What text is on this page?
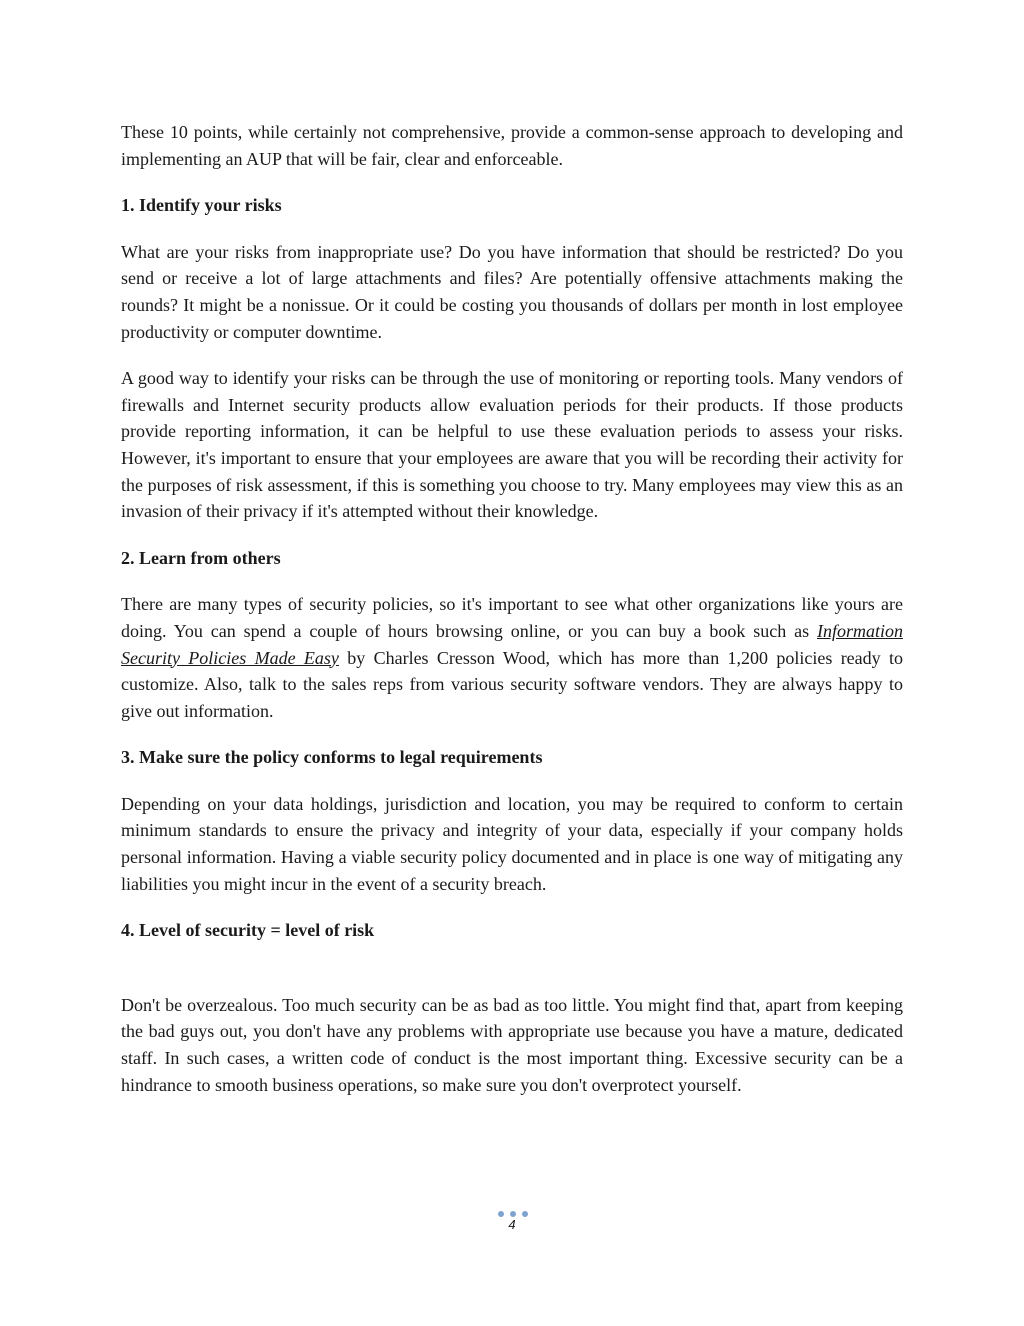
These 10 points, while certainly not comprehensive, provide a common-sense approach to developing and implementing an AUP that will be fair, clear and enforceable.

1. Identify your risks

What are your risks from inappropriate use? Do you have information that should be restricted? Do you send or receive a lot of large attachments and files? Are potentially offensive attachments making the rounds? It might be a nonissue. Or it could be costing you thousands of dollars per month in lost employee productivity or computer downtime.

A good way to identify your risks can be through the use of monitoring or reporting tools. Many vendors of firewalls and Internet security products allow evaluation periods for their products. If those products provide reporting information, it can be helpful to use these evaluation periods to assess your risks. However, it's important to ensure that your employees are aware that you will be recording their activity for the purposes of risk assessment, if this is something you choose to try. Many employees may view this as an invasion of their privacy if it's attempted without their knowledge.

2. Learn from others

There are many types of security policies, so it's important to see what other organizations like yours are doing. You can spend a couple of hours browsing online, or you can buy a book such as Information Security Policies Made Easy by Charles Cresson Wood, which has more than 1,200 policies ready to customize. Also, talk to the sales reps from various security software vendors. They are always happy to give out information.

3. Make sure the policy conforms to legal requirements

Depending on your data holdings, jurisdiction and location, you may be required to conform to certain minimum standards to ensure the privacy and integrity of your data, especially if your company holds personal information. Having a viable security policy documented and in place is one way of mitigating any liabilities you might incur in the event of a security breach.

4. Level of security = level of risk

Don't be overzealous. Too much security can be as bad as too little. You might find that, apart from keeping the bad guys out, you don't have any problems with appropriate use because you have a mature, dedicated staff. In such cases, a written code of conduct is the most important thing. Excessive security can be a hindrance to smooth business operations, so make sure you don't overprotect yourself.

4
